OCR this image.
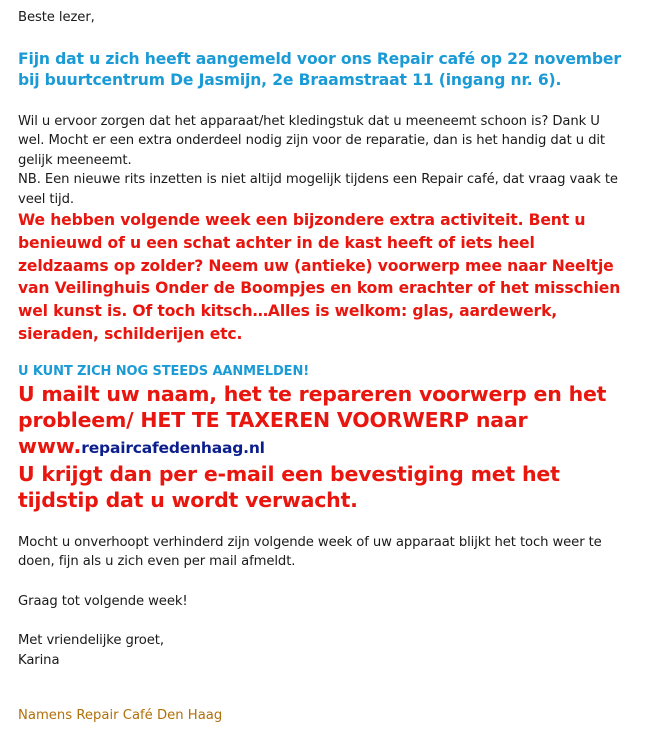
Beste lezer,

Fijn dat u zich heeft aangemeld voor ons Repair café op 22 november bij buurtcentrum De Jasmijn, 2e Braamstraat 11 (ingang nr. 6).

Wil u ervoor zorgen dat het apparaat/het kledingstuk dat u meeneemt schoon is? Dank U wel. Mocht er een extra onderdeel nodig zijn voor de reparatie, dan is het handig dat u dit gelijk meeneemt.

NB. Een nieuwe rits inzetten is niet altijd mogelijk tijdens een Repair café, dat vraag vaak te veel tijd.

We hebben volgende week een bijzondere extra activiteit. Bent u benieuwd of u een schat achter in de kast heeft of iets heel zeldzaams op zolder? Neem uw (antieke) voorwerp mee naar Neeltje van Veilinghuis Onder de Boompjes en kom erachter of het misschien wel kunst is. Of toch kitsch…Alles is welkom: glas, aardewerk, sieraden, schilderijen etc.

U KUNT ZICH NOG STEEDS AANMELDEN!

U mailt uw naam, het te repareren voorwerp en het probleem/ HET TE TAXEREN VOORWERP naar

www.repaircafedenhaag.nl

U krijgt dan per e-mail een bevestiging met het tijdstip dat u wordt verwacht.

Mocht u onverhoopt verhinderd zijn volgende week of uw apparaat blijkt het toch weer te doen, fijn als u zich even per mail afmeldt.

Graag tot volgende week!

Met vriendelijke groet,

Karina

Namens Repair Café Den Haag
